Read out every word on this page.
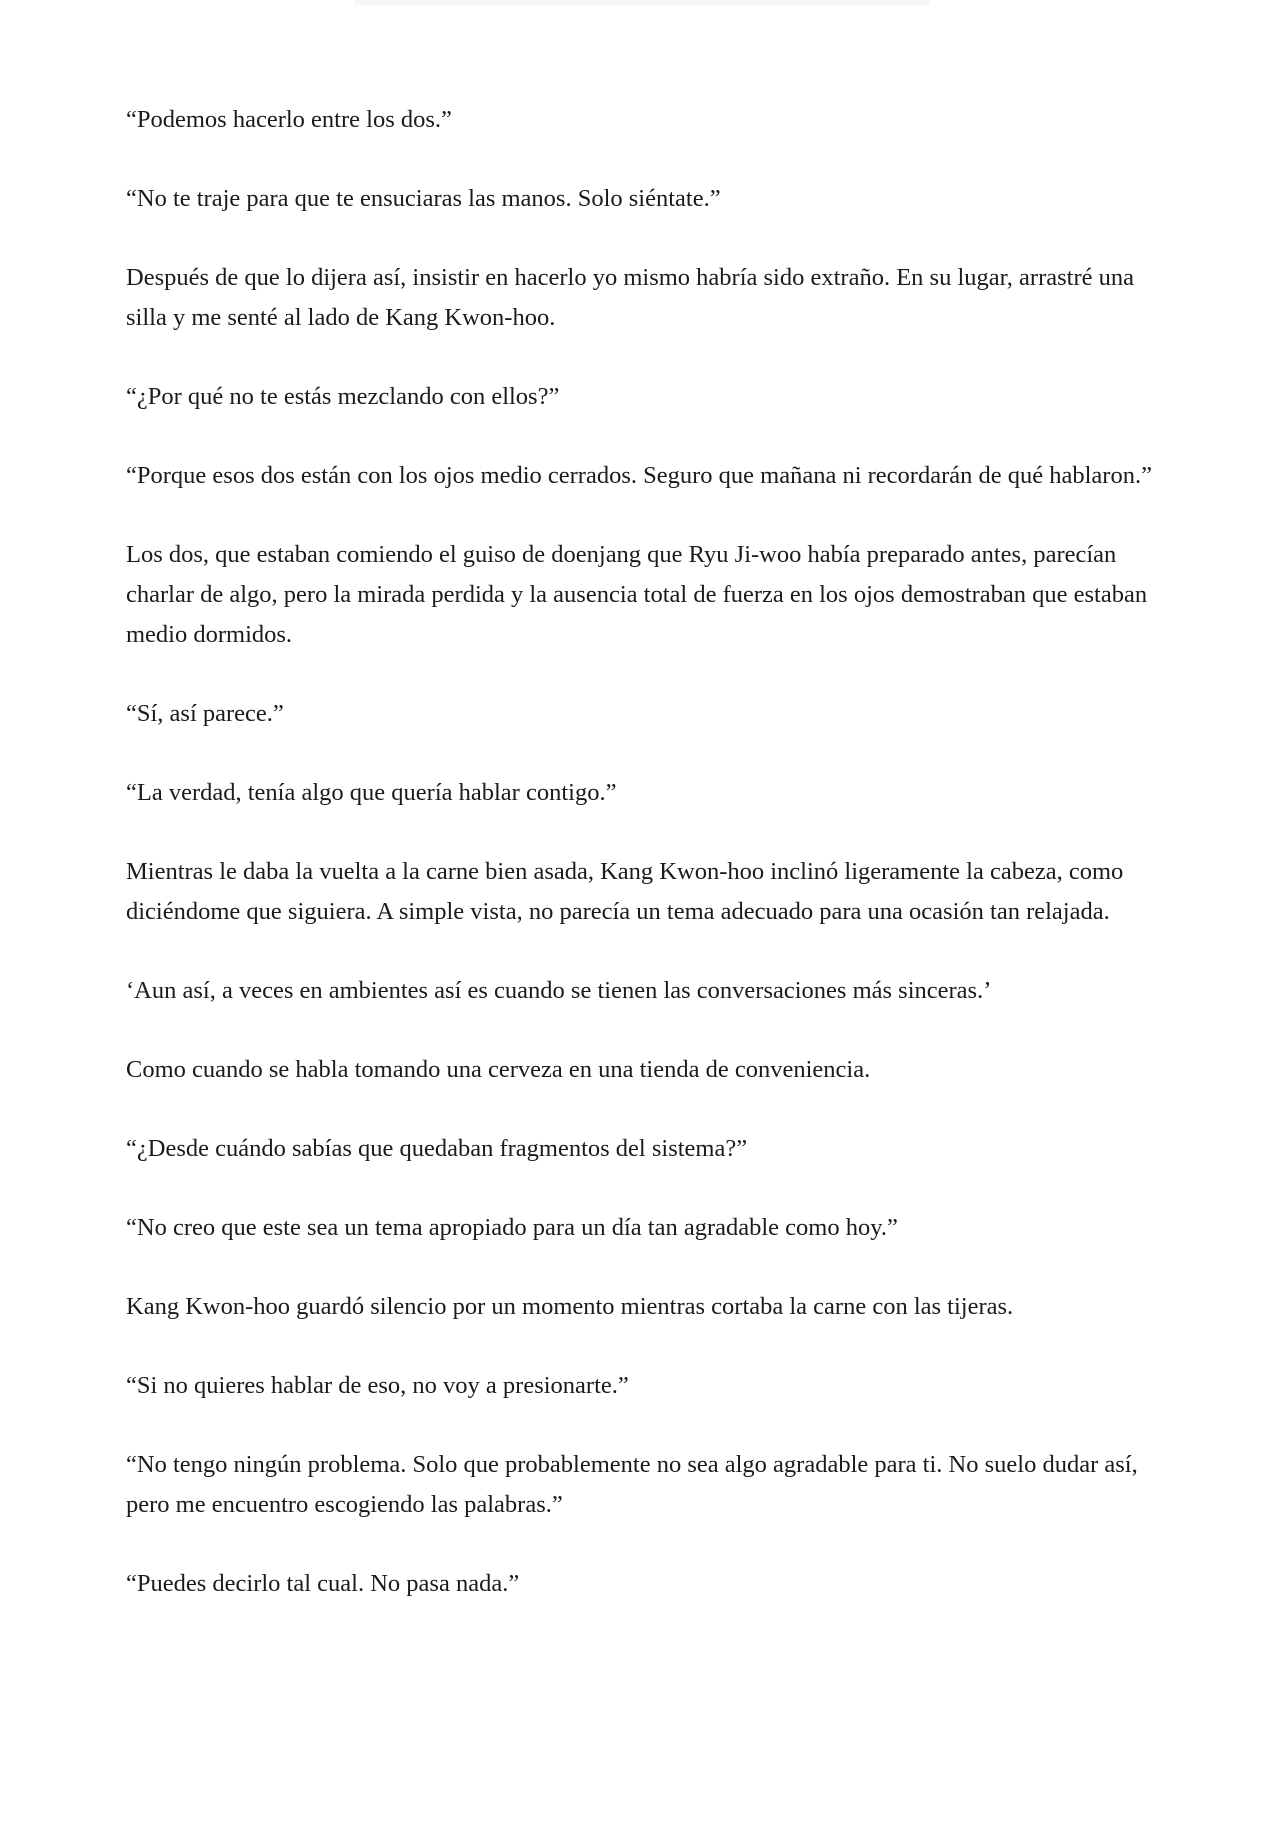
“Podemos hacerlo entre los dos.”

“No te traje para que te ensuciaras las manos. Solo siéntate.”

Después de que lo dijera así, insistir en hacerlo yo mismo habría sido extraño. En su lugar, arrastré una silla y me senté al lado de Kang Kwon-hoo.

“¿Por qué no te estás mezclando con ellos?”

“Porque esos dos están con los ojos medio cerrados. Seguro que mañana ni recordarán de qué hablaron.”

Los dos, que estaban comiendo el guiso de doenjang que Ryu Ji-woo había preparado antes, parecían charlar de algo, pero la mirada perdida y la ausencia total de fuerza en los ojos demostraban que estaban medio dormidos.

“Sí, así parece.”

“La verdad, tenía algo que quería hablar contigo.”

Mientras le daba la vuelta a la carne bien asada, Kang Kwon-hoo inclinó ligeramente la cabeza, como diciéndome que siguiera. A simple vista, no parecía un tema adecuado para una ocasión tan relajada.

‘Aun así, a veces en ambientes así es cuando se tienen las conversaciones más sinceras.’

Como cuando se habla tomando una cerveza en una tienda de conveniencia.

“¿Desde cuándo sabías que quedaban fragmentos del sistema?”

“No creo que este sea un tema apropiado para un día tan agradable como hoy.”

Kang Kwon-hoo guardó silencio por un momento mientras cortaba la carne con las tijeras.

“Si no quieres hablar de eso, no voy a presionarte.”

“No tengo ningún problema. Solo que probablemente no sea algo agradable para ti. No suelo dudar así, pero me encuentro escogiendo las palabras.”

“Puedes decirlo tal cual. No pasa nada.”
